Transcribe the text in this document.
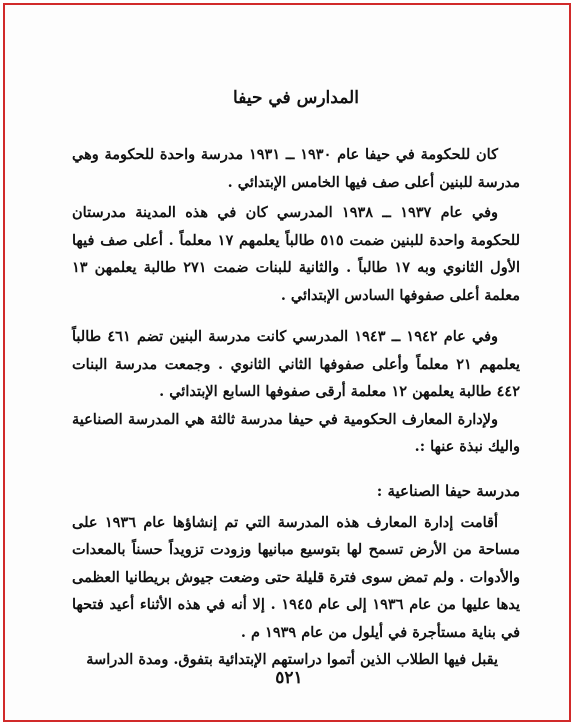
المدارس في حيفا

كان للحكومة في حيفا عام ١٩٣٠ ــ ١٩٣١ مدرسة واحدة للحكومة وهي مدرسة للبنين أعلى صف فيها الخامس الإبتدائي .

وفي عام ١٩٣٧ ــ ١٩٣٨ المدرسي كان في هذه المدينة مدرستان للحكومة واحدة للبنين ضمت ٥١٥ طالباً يعلمهم ١٧ معلماً . أعلى صف فيها الأول الثانوي وبه ١٧ طالباً . والثانية للبنات ضمت ٢٧١ طالبة يعلمهن ١٣ معلمة أعلى صفوفها السادس الإبتدائي .

وفي عام ١٩٤٢ ــ ١٩٤٣ المدرسي كانت مدرسة البنين تضم ٤٦١ طالباً يعلمهم ٢١ معلماً وأعلى صفوفها الثاني الثانوي . وجمعت مدرسة البنات ٤٤٢ طالبة يعلمهن ١٢ معلمة أرقى صفوفها السابع الإبتدائي .

ولإدارة المعارف الحكومية في حيفا مدرسة ثالثة هي المدرسة الصناعية واليك نبذة عنها :.

مدرسة حيفا الصناعية :

أقامت إدارة المعارف هذه المدرسة التي تم إنشاؤها عام ١٩٣٦ على مساحة من الأرض تسمح لها بتوسيع مبانيها وزودت تزويداً حسناً بالمعدات والأدوات . ولم تمض سوى فترة قليلة حتى وضعت جيوش بريطانيا العظمى يدها عليها من عام ١٩٣٦ إلى عام ١٩٤٥ . إلا أنه في هذه الأثناء أعيد فتحها في بناية مستأجرة في أيلول من عام ١٩٣٩ م .

يقبل فيها الطلاب الذين أتموا دراستهم الإبتدائية بتفوق. ومدة الدراسة

٥٢١
